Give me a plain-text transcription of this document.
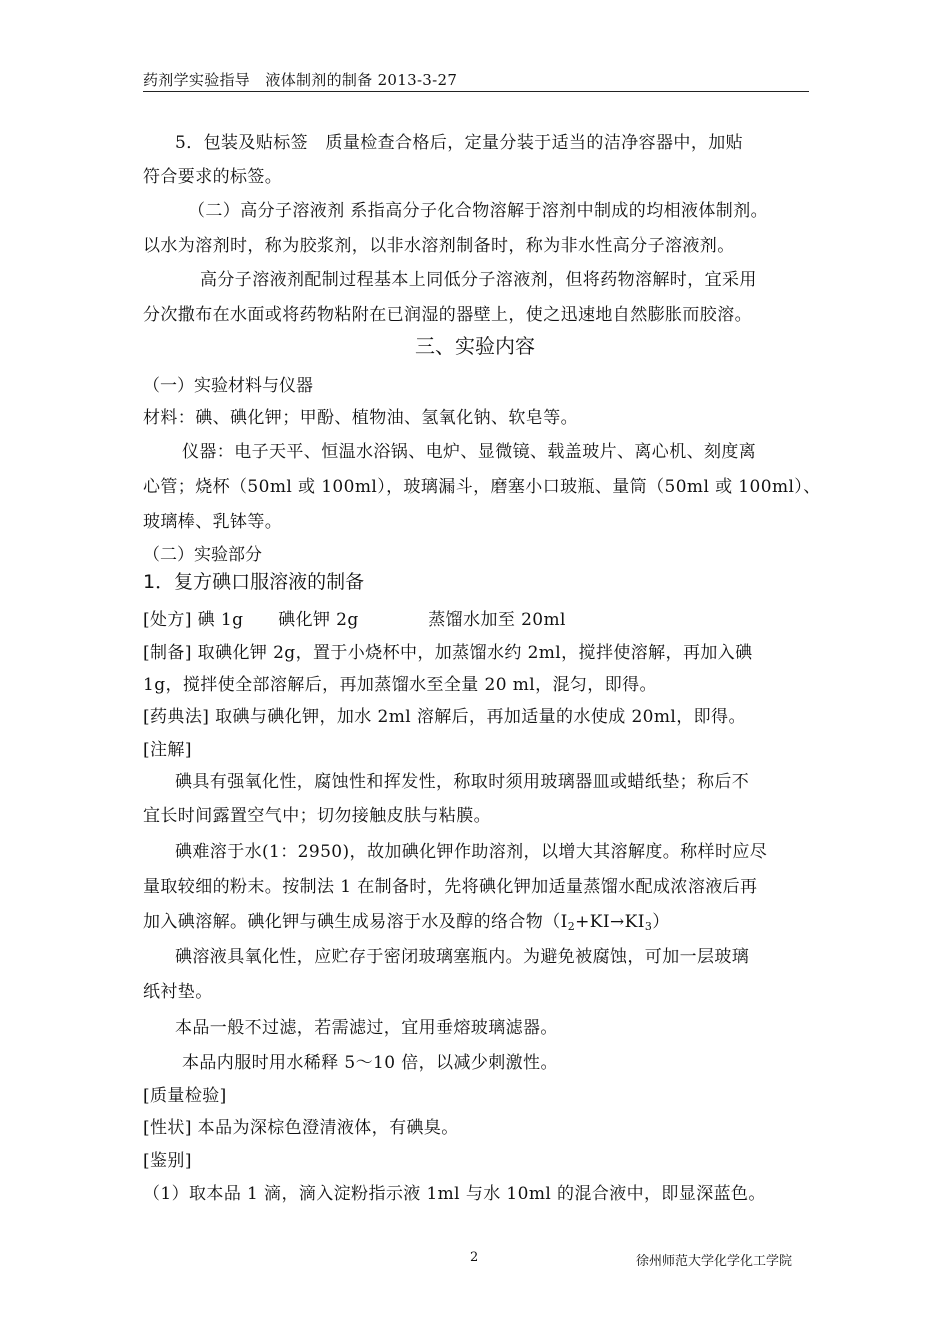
药剂学实验指导　液体制剂的制备 2013-3-27
5．包装及贴标签　质量检查合格后，定量分装于适当的洁净容器中，加贴
符合要求的标签。
（二）高分子溶液剂 系指高分子化合物溶解于溶剂中制成的均相液体制剂。
以水为溶剂时，称为胶浆剂，以非水溶剂制备时，称为非水性高分子溶液剂。
高分子溶液剂配制过程基本上同低分子溶液剂，但将药物溶解时，宜采用
分次撒布在水面或将药物粘附在已润湿的器壁上，使之迅速地自然膨胀而胶溶。
三、实验内容
（一）实验材料与仪器
材料：碘、碘化钾；甲酚、植物油、氢氧化钠、软皂等。
仪器：电子天平、恒温水浴锅、电炉、显微镜、载盖玻片、离心机、刻度离
心管；烧杯（50ml 或 100ml），玻璃漏斗，磨塞小口玻瓶、量筒（50ml 或 100ml）、
玻璃棒、乳钵等。
（二）实验部分
1．复方碘口服溶液的制备
[处方] 碘 1g　　碘化钾 2g　　　　蒸馏水加至 20ml
[制备] 取碘化钾 2g，置于小烧杯中，加蒸馏水约 2ml，搅拌使溶解，再加入碘
1g，搅拌使全部溶解后，再加蒸馏水至全量 20 ml，混匀，即得。
[药典法] 取碘与碘化钾，加水 2ml 溶解后，再加适量的水使成 20ml，即得。
[注解]
碘具有强氧化性，腐蚀性和挥发性，称取时须用玻璃器皿或蜡纸垫；称后不
宜长时间露置空气中；切勿接触皮肤与粘膜。
碘难溶于水(1：2950)，故加碘化钾作助溶剂，以增大其溶解度。称样时应尽
量取较细的粉末。按制法 1 在制备时，先将碘化钾加适量蒸馏水配成浓溶液后再
加入碘溶解。碘化钾与碘生成易溶于水及醇的络合物$(I_2+KI\to KI_3)$
碘溶液具氧化性，应贮存于密闭玻璃塞瓶内。为避免被腐蚀，可加一层玻璃
纸衬垫。
本品一般不过滤，若需滤过，宜用垂熔玻璃滤器。
本品内服时用水稀释 5～10 倍，以减少刺激性。
[质量检验]
[性状] 本品为深棕色澄清液体，有碘臭。
[鉴别]
（1）取本品 1 滴，滴入淀粉指示液 1ml 与水 10ml 的混合液中，即显深蓝色。
2	徐州师范大学化学化工学院
